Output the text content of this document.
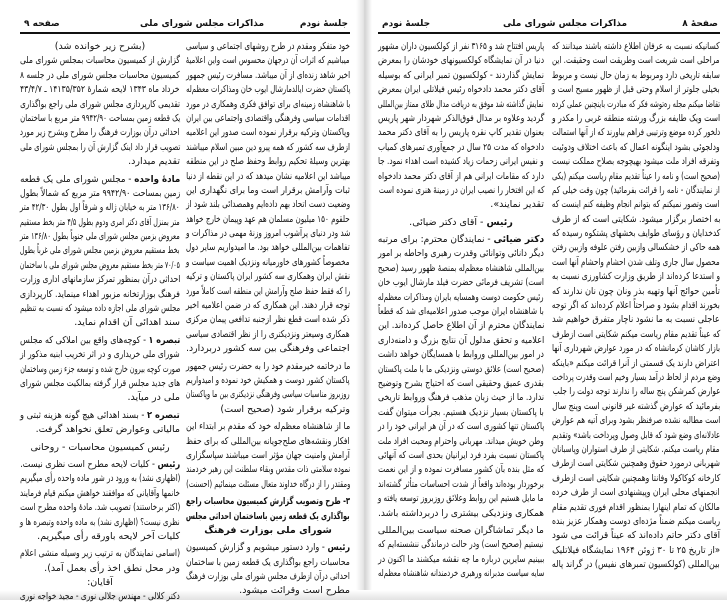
جلسهٔ نودم
مذاکرات مجلس شورای ملی
صفحه ۹	صفحهٔ ۸
مذاکرات مجلس شورای ملی
جلسهٔ نودم
خود متفکر ومقدم در طرح روشهای اجتماعی و سیاسی
میباشیم که اثرات آن درجهان محسوس است واین اعلامیهٔ
اخیر شاهد زنده‌ای از آن میباشد. مسافرت رئیس جمهور
پاکستان حضرت ایالدمارشال ایوب خان ومذاکرات معظم‌له
با شاهنشاه زمینه‌ای برای توافق فکری وهمکاری در مورد
اقدامات سیاسی وفرهنگی واقتصادی واجتماعی بین ایران
وپاکستان وترکیه برقرار نموده است صدور این اعلامیه
ازطرف سه کشور که همه پیرو دین مبین اسلام میباشند
بهترین وسیلهٔ تحکیم روابط وحفظ صلح در این منطقه
میباشد این اعلامیه نشان میدهد که در این نقطه از دنیا
ثبات وآرامش برقرار است وما برای نگهداری این
وضعیت دست اتحاد بهم داده‌ایم وهمصدائی بلند شود از
حلقوم ۱۵۰ میلیون مسلمان هم عهد وپیمان خارج خواهد
شد ودر دنیای پرآشوب امروز وزنهٔ مهمی در مذاکرات و
تفاهمات بین‌المللی خواهد بود. ما امیدواریم سایر دول
مخصوصاً کشورهای خاورمیانه ونزدیک اهمیت سیاست و
نقش ایران وهمکاری سه کشور ایران پاکستان و ترکیه
را که فقط حفظ صلح وآرامش این منطقه است کاملاً مورد
توجه قرار دهند. این همکاری که در ضمن اعلامیه اخیر
ذکر شده است قطع نظر ازجنبه تدافعی پیمان مرکزی
همکاری وسیعتر ونزدیکتری را از نظر اقتصادی سیاسی
اجتماعی وفرهنگی بین سه کشور دربردارد.
ما درخاتمه خیرمقدم خود را به حضرت رئیس جمهور
پاکستان کشور دوست و همکیش خود نموده و امیدواریم
روزبروز مناسبات سیاسی وفرهنگی نزدیکتری بین ما وپاکستان
وترکیه برقرار شود (صحیح است)
ما از شاهنشاه معظم‌له خود که مقدم بر ابتداء این
افکار ونقشه‌های صلح‌جویانه بین‌المللی که برای حفظ
آرامش وامنیت جهان مؤثر است میباشند سپاسگزاری
نموده سلامتی ذات مقدس وبقاء سلطنت این رهبر خردمند
ومقتدر را از درگاه خداوند متعال مسئلت مینمائیم (احسنت)
۳- طرح وتصویب گزارش کمیسیون محاسبات راجع
بواگذاری یک قطعه زمین باساختمان احداثی مجلس
شورای ملی بوزارت فرهنگ
رئیس - وارد دستور میشویم و گزارش کمیسیون
محاسبات راجع بواگذاری یک قطعه زمین با ساختمان
احداثی درآن ازطرف مجلس شورای ملی بوزارت فرهنگ
مطرح است وقرائت میشود.
(بشرح زیر خوانده شد)
گزارش از کمیسیون محاسبات بمجلس شورای ملی
کمیسیون محاسبات مجلس شورای ملی در جلسه ۸
خرداد ماه ۱۳۴۳ لایحه شمارهٔ ۱۴۱۳۵/۳۵۲ ـ ۴۳/۴/۷
تقدیمی کارپردازی مجلس شورای ملی راجع بواگذاری
یک قطعه زمین بمساحت ۹۹۴۲/۹۰ متر مربع با ساختمان
احداثی درآن بوزارت فرهنگ را مطرح وبشرح زیر مورد
تصویب قرار داد اینک گزارش آن را بمجلس شورای ملی
تقدیم میدارد.
مادهٔ واحده - مجلس شورای ملی یک قطعه
زمین بمساحت ۹۹۴۲/۹۰ متر مربع که شمالاً بطول
۱۳۶/۸۰ متر به خیابان ژاله و شرقاً اول بطول ۴۲/۳۰ متر
متر بمنزل آقای دکتر امری ودوم بطول ۴/۵ متر بخط مستقیم
معروض بزمین مجلس شورای ملی جنوباً بطول ۱۳۶/۸۰ متر
بخط مستقیم معروض بزمین مجلس شورای ملی غرباً بطول
۷۰/۰۵ متر بخط مستقیم معروض مجلس شورای ملی با ساختمان
احداثی درآن بمنظور تمرکز سازمانهای اداری وزارت
فرهنگ بوزارتخانه مزبور اهداء مینماید. کارپردازی
مجلس شورای ملی اجازه داده میشود که نسبت به تنظیم
سند اهدائی آن اقدام نماید.
تبصره ۱ - کوچه‌های واقع بین املاکی که مجلس
شورای ملی خریداری و در اثر تخریب ابنیه مذکور از
صورت کوچه بیرون خارج شده و توسعه جزء زمین وساختمان
های جدید مجلس قرار گرفته بمالکیت مجلس شورای
ملی در میآید.
تبصره ۲ - بسند اهدائی هیچ گونه هزینه ثبتی و
مالیاتی وعوارض تعلق نخواهد گرفت.
رئیس کمیسیون محاسبات - روحانی
رئیس - کلیات لایحه مطرح است نظری نیست.
(اظهاری نشد) به ورود در شور ماده واحده رأی میگیریم
خانمها وآقایانی که موافقند خواهش میکنم قیام فرمایند
(اکثر برخاستند) تصویب شد. مادهٔ واحده مطرح است
نظری نیست؟ (اظهاری نشد) به ماده واحده وتبصره ها و
کلیات آخر لایحه باورقه رأی میگیریم.
(اسامی نمایندگان به ترتیب زیر وسیله منشی اعلام
ودر محل نطق اخذ رأی بعمل آمد).
آقایان:
دکتر کلالی - مهندس جلالی نوری - مجید خواجه نوری
کسانیکه نسبت به عرفان اطلاع داشته باشند میدانند که
مراحلی است شریعت است وطریقت است وحقیقت. این
سابقه تاریخی دارد ومربوط به زمان حال نیست و مربوط
بخیلی جلوتر از اسلام وحتی قبل از ظهور مسیح است و
تقاضا میکنم مجله ره‌توشه فکر که مبادرت باینچنین عملی کرده
است ویک طایفه بزرگ ورشته منطقه غربی را مکدر و
دلخور کرده موضع وترتیبی فراهم بیاورند که از آنها استمالت
ودلجوئی بشود اینگونه اعمال که باعث اختلاف ودوئیت
وتفرقه افراد ملت میشود بهیچوجه بصلاح مملکت نیست
(صحیح است) و نامه را عیناً تقدیم مقام ریاست میکنم (یکی
از نمایندگان - نامه را قرائت بفرمائید) چون وقت خیلی کم
است وتصور نمیکنم که بتوانم انجام وظیفه کنم اینست که
به اختصار برگزار میشود. شکایتی است که از طرف
کدخدایان و رؤسای طوایف بخشهای پشتکوه رسیده که
همه حاکی از خشکسالی وازبین رفتن علوفه وازبین رفتن
محصول سال جاری وتلف شدن احشام واحشام آنها است
و استدعا کرده‌اند از طریق وزارت کشاورزی نسبت به
تأمین حوائج آنها وتهیه بذر ونان چون نان ندارند که
بخورند اقدام بشود و صراحتاً اعلام کرده‌اند که اگر توجه
عاجلی نسبت به ما نشود ناچار متفرق خواهیم شد
که عیناً تقدیم مقام ریاست میکنم شکایتی است ازطرف
بازار کاشان کرمانشاه که در مورد عوارض شهرداری آنها
اعتراض دارند یک قسمتی از آنرا قرائت میکنم «باینکه
وضع مردم از لحاظ درآمد بسیار وخیم است وقدرت پرداخت
عوارض کمرشکن پنج ساله را ندارند توجه دولت را جلب
بفرمائید که عوارض گذشته غیر قانونی است وپنج سال
است مطالبه نشده صرفنظر بشود وبرای آتیه هم عوارض
عادلانه‌ای وضع شود که قابل وصول وپرداخت باشد» وتقدیم
مقام ریاست میکنم. شکایتی از طرف استواران وپاسبانان
شهربانی درمورد حقوق وهمچنین شکایتی است ازطرف
کارخانه کوکاکولا وفانتا وهمچنین شکایتی است ازطرف
انجمنهای محلی ایران وپیشنهادی است از طرف خرده
مالکان که تمام اینهارا بمنظور اقدام فوری تقدیم مقام
ریاست میکنم ضمناً مژده‌ای دوست وهمکار عزیز بنده
آقای دکتر حاتم داده‌اند که عیناً قرائت می شود
«از تاریخ ۲۵ تا ۳۰ ژوئن ۱۹۶۴ نمایشگاه فیلاتلیک
بین‌المللی (کولکسیون تمبرهای نفیس) در گراند پاله
پاریس افتتاح شد و ۳۱۶۵ نفر از کولکسیون داران مشهور
دنیا در آن نمایشگاه کولکسیونهای خودشان را بمعرض
نمایش گذاردند - کولکسیون تمبر ایرانی که بوسیله
آقای دکتر محمد دادخواه رئیس فیلاتلی ایران بمعرض
نمایش گذاشته شد موفق به دریافت مدال طلای ممتاز بین‌المللی
گردید وعلاوه بر مدال فوق‌الذکر شهردار شهر پاریس
بعنوان تقدیر کاپ نقره پاریس را به آقای دکتر محمد
دادخواه که مدت ۲۵ سال در جمع‌آوری تمبرهای کمیاب
و نفیس ایرانی زحمات زیاد کشیده است اهداء نمود. جا
دارد که مقامات ایرانی هم از آقای دکتر محمد دادخواه
که این افتخار را نصیب ایران در زمینهٔ هنری نموده است
تقدیر نمایند».
رئیس - آقای دکتر ضیائی.
دکتر ضیائی - نمایندگان محترم: برای مرتبه
دیگر دانائی وتوانائی وقدرت رهبری واحاطه بر امور
بین‌المللی شاهنشاه معظم‌له بمنصهٔ ظهور رسید (صحیح
است) تشریف فرمائی حضرت فیلد مارشال ایوب خان
رئیس حکومت دوست وهمسایه بایران ومذاکرات معظم‌له
با شاهنشاه ایران موجب صدور اعلامیه‌ای شد که قطعاً
نمایندگان محترم از آن اطلاع حاصل کرده‌اند. این
اعلامیه و تحقق مدلول آن نتایج بزرگ و دامنه‌داری
در امور بین‌المللی وروابط با همسایگان خواهد داشت
(صحیح است) علائق دوستی ونزدیکی ما با ملت پاکستان
بقدری عمیق وحقیقی است که احتیاج بشرح وتوضیح
ندارد. ما از حیث زبان مذهب فرهنگ وروابط تاریخی
با پاکستان بسیار نزدیک هستیم. بجرأت میتوان گفت
پاکستان تنها کشوری است که در آن هر ایرانی خود را در
وطن خویش میداند. مهربانی واحترام ومحبت افراد ملت
پاکستان نسبت بفرد فرد ایرانیان بحدی است که آنهائی
که مثل بنده بآن کشور مسافرت نموده و از این نعمت
برخوردار بوده‌اند واقعاً از شدت احساسات متأثر گشته‌اند
ما مایل هستیم این روابط وعلائق روزبروز توسعه یافته و
همکاری ونزدیکی بیشتری را دربرداشته باشد.
ما دیگر تماشاگران صحنه سیاست بین‌المللی
نیستیم (صحیح است) ودر حالت درماندگی ننشسته‌ایم که
ببینیم سایرین درباره ما چه نقشه میکشند ما اکنون در
سایه سیاست مدبرانه ورهبری خردمندانه شاهنشاه معظم‌له
